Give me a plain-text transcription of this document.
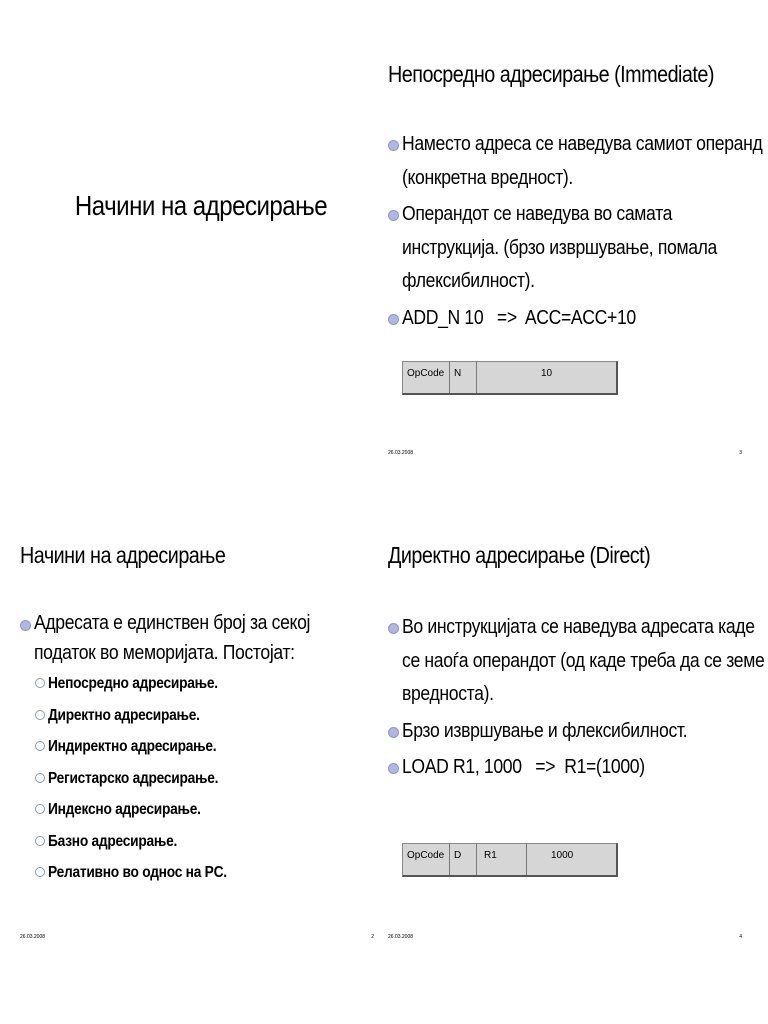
Начини на адресирање
Непосредно адресирање (Immediate)
Наместо адреса се наведува самиот операнд (конкретна вредност).
Операндот се наведува во самата инструкција. (брзо извршување, помала флексибилност).
ADD_N 10   =>  ACC=ACC+10
OpCode N	10
26.03.2008	3
Начини на адресирање
Адресата е единствен број за секој податок во меморијата. Постојат:
Непосредно адресирање.
Директно адресирање.
Индиректно адресирање.
Регистарско адресирање.
Индексно адресирање.
Базно адресирање.
Релативно во однос на PC.
26.03.2008	2
Директно адресирање (Direct)
Во инструкцијата се наведува адресата каде се наоѓа операндот (од каде треба да се земе вредноста).
Брзо извршување и флексибилност.
LOAD R1, 1000   =>  R1=(1000)
OpCode D	R1	1000
26.03.2008	4
